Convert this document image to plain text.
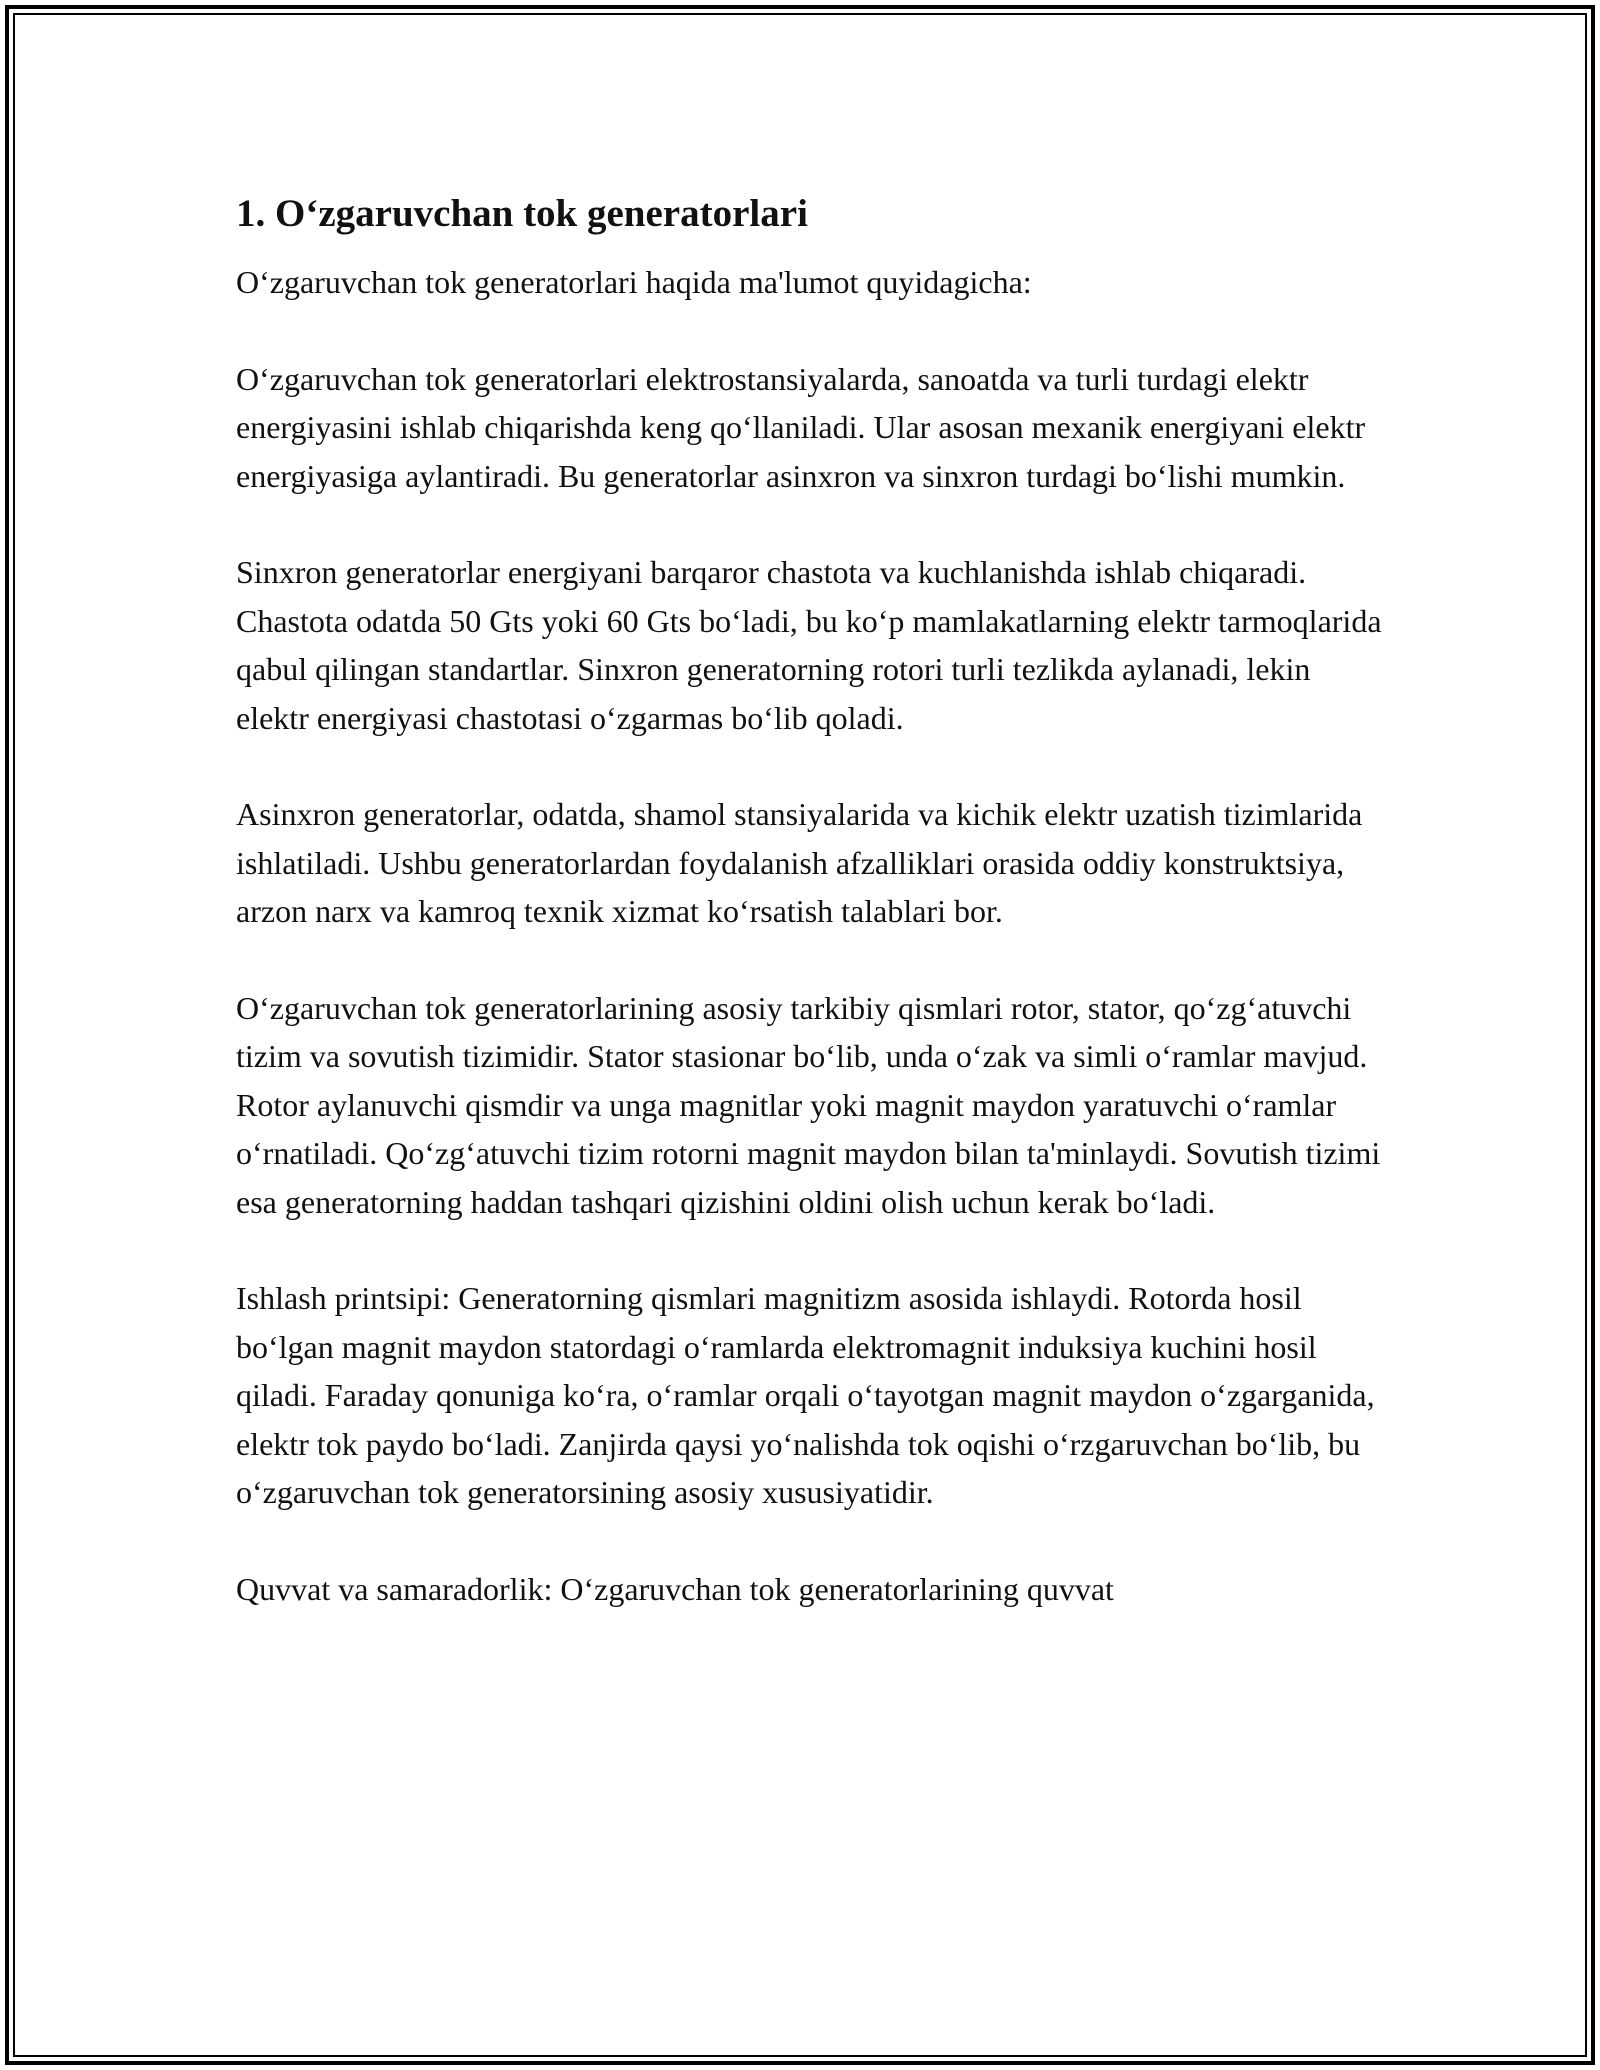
1. O‘zgaruvchan tok generatorlari

O‘zgaruvchan tok generatorlari haqida ma'lumot quyidagicha:

O‘zgaruvchan tok generatorlari elektrostansiyalarda, sanoatda va turli turdagi elektr energiyasini ishlab chiqarishda keng qo‘llaniladi. Ular asosan mexanik energiyani elektr energiyasiga aylantiradi. Bu generatorlar asinxron va sinxron turdagi bo‘lishi mumkin.

Sinxron generatorlar energiyani barqaror chastota va kuchlanishda ishlab chiqaradi. Chastota odatda 50 Gts yoki 60 Gts bo‘ladi, bu ko‘p mamlakatlarning elektr tarmoqlarida qabul qilingan standartlar. Sinxron generatorning rotori turli tezlikda aylanadi, lekin elektr energiyasi chastotasi o‘zgarmas bo‘lib qoladi.

Asinxron generatorlar, odatda, shamol stansiyalarida va kichik elektr uzatish tizimlarida ishlatiladi. Ushbu generatorlardan foydalanish afzalliklari orasida oddiy konstruktsiya, arzon narx va kamroq texnik xizmat ko‘rsatish talablari bor.

O‘zgaruvchan tok generatorlarining asosiy tarkibiy qismlari rotor, stator, qo‘zg‘atuvchi tizim va sovutish tizimidir. Stator stasionar bo‘lib, unda o‘zak va simli o‘ramlar mavjud. Rotor aylanuvchi qismdir va unga magnitlar yoki magnit maydon yaratuvchi o‘ramlar o‘rnatiladi. Qo‘zg‘atuvchi tizim rotorni magnit maydon bilan ta'minlaydi. Sovutish tizimi esa generatorning haddan tashqari qizishini oldini olish uchun kerak bo‘ladi.

Ishlash printsipi: Generatorning qismlari magnitizm asosida ishlaydi. Rotorda hosil bo‘lgan magnit maydon statordagi o‘ramlarda elektromagnit induksiya kuchini hosil qiladi. Faraday qonuniga ko‘ra, o‘ramlar orqali o‘tayotgan magnit maydon o‘zgarganida, elektr tok paydo bo‘ladi. Zanjirda qaysi yo‘nalishda tok oqishi o‘rzgaruvchan bo‘lib, bu o‘zgaruvchan tok generatorsining asosiy xususiyatidir.

Quvvat va samaradorlik: O‘zgaruvchan tok generatorlarining quvvat
